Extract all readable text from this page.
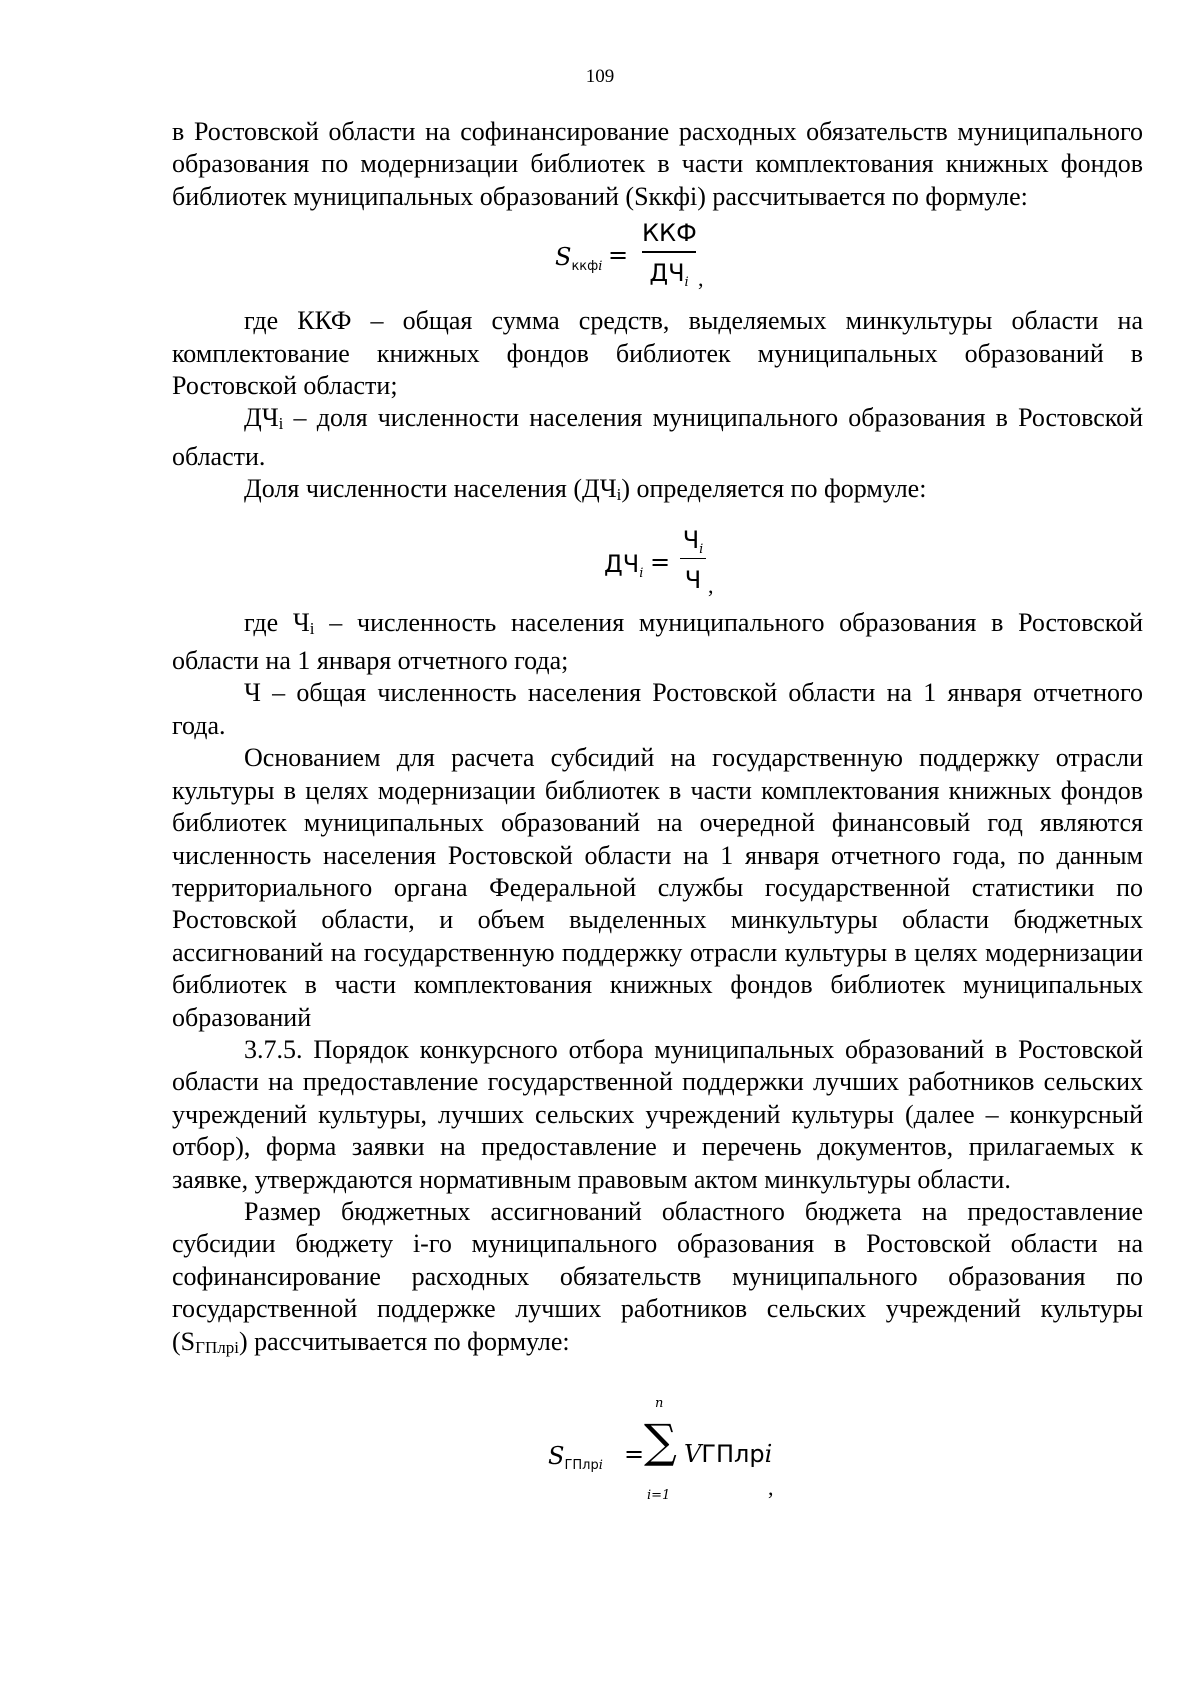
109

в Ростовской области на софинансирование расходных обязательств муниципального образования по модернизации библиотек в части комплектования книжных фондов библиотек муниципальных образований (Sккфi) рассчитывается по формуле:

$S_{ккфi}$ =
ККФ
$ДЧ_i$ ,

где ККФ – общая сумма средств, выделяемых минкультуры области на комплектование книжных фондов библиотек муниципальных образований в Ростовской области;

ДЧi – доля численности населения муниципального образования в Ростовской области.

Доля численности населения (ДЧi) определяется по формуле:

$ДЧ_i$ =
$Ч_i$
Ч ,

где Чi – численность населения муниципального образования в Ростовской области на 1 января отчетного года;

Ч – общая численность населения Ростовской области на 1 января отчетного года.

Основанием для расчета субсидий на государственную поддержку отрасли культуры в целях модернизации библиотек в части комплектования книжных фондов библиотек муниципальных образований на очередной финансовый год являются численность населения Ростовской области на 1 января отчетного года, по данным территориального органа Федеральной службы государственной статистики по Ростовской области, и объем выделенных минкультуры области бюджетных ассигнований на государственную поддержку отрасли культуры в целях модернизации библиотек в части комплектования книжных фондов библиотек муниципальных образований

3.7.5. Порядок конкурсного отбора муниципальных образований в Ростовской области на предоставление государственной поддержки лучших работников сельских учреждений культуры, лучших сельских учреждений культуры (далее – конкурсный отбор), форма заявки на предоставление и перечень документов, прилагаемых к заявке, утверждаются нормативным правовым актом минкультуры области.

Размер бюджетных ассигнований областного бюджета на предоставление субсидии бюджету i-го муниципального образования в Ростовской области на софинансирование расходных обязательств муниципального образования по государственной поддержке лучших работников сельских учреждений культуры (SГПлрi) рассчитывается по формуле:

$S_{ГПлрi}$ =
n
∑
i=1
VГПлрi
,
